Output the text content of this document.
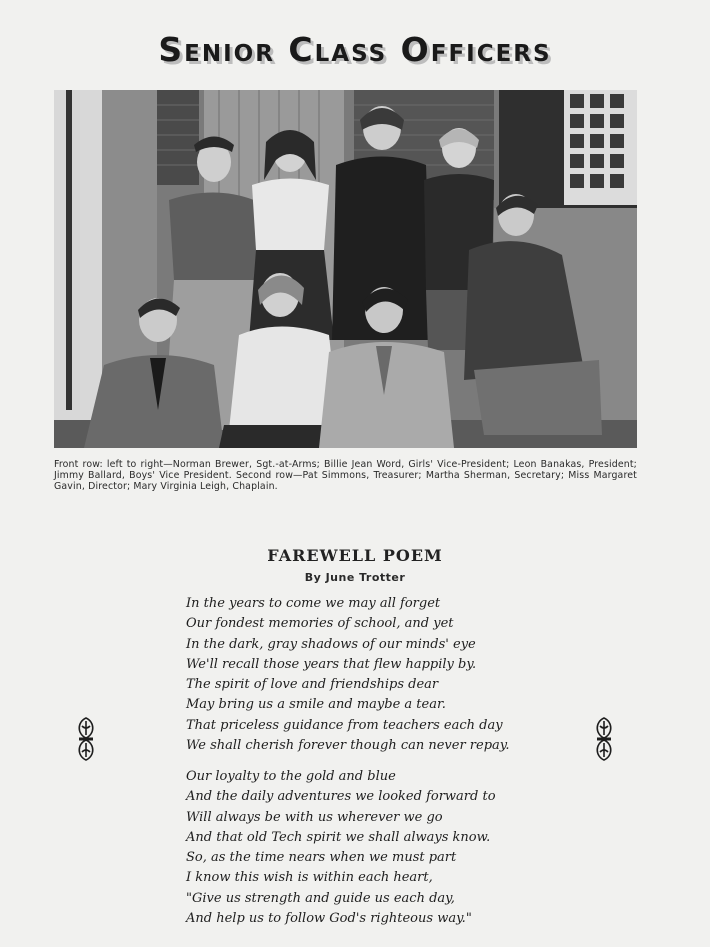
Senior Class Officers
Front row: left to right—Norman Brewer, Sgt.-at-Arms; Billie Jean Word, Girls' Vice-President; Leon Banakas, President; Jimmy Ballard, Boys' Vice President. Second row—Pat Simmons, Treasurer; Martha Sherman, Secretary; Miss Margaret Gavin, Director; Mary Virginia Leigh, Chaplain.
FAREWELL POEM
By June Trotter
In the years to come we may all forget
Our fondest memories of school, and yet
In the dark, gray shadows of our minds' eye
We'll recall those years that flew happily by.
The spirit of love and friendships dear
May bring us a smile and maybe a tear.
That priceless guidance from teachers each day
We shall cherish forever though can never repay.
Our loyalty to the gold and blue
And the daily adventures we looked forward to
Will always be with us wherever we go
And that old Tech spirit we shall always know.
So, as the time nears when we must part
I know this wish is within each heart,
"Give us strength and guide us each day,
And help us to follow God's righteous way."
